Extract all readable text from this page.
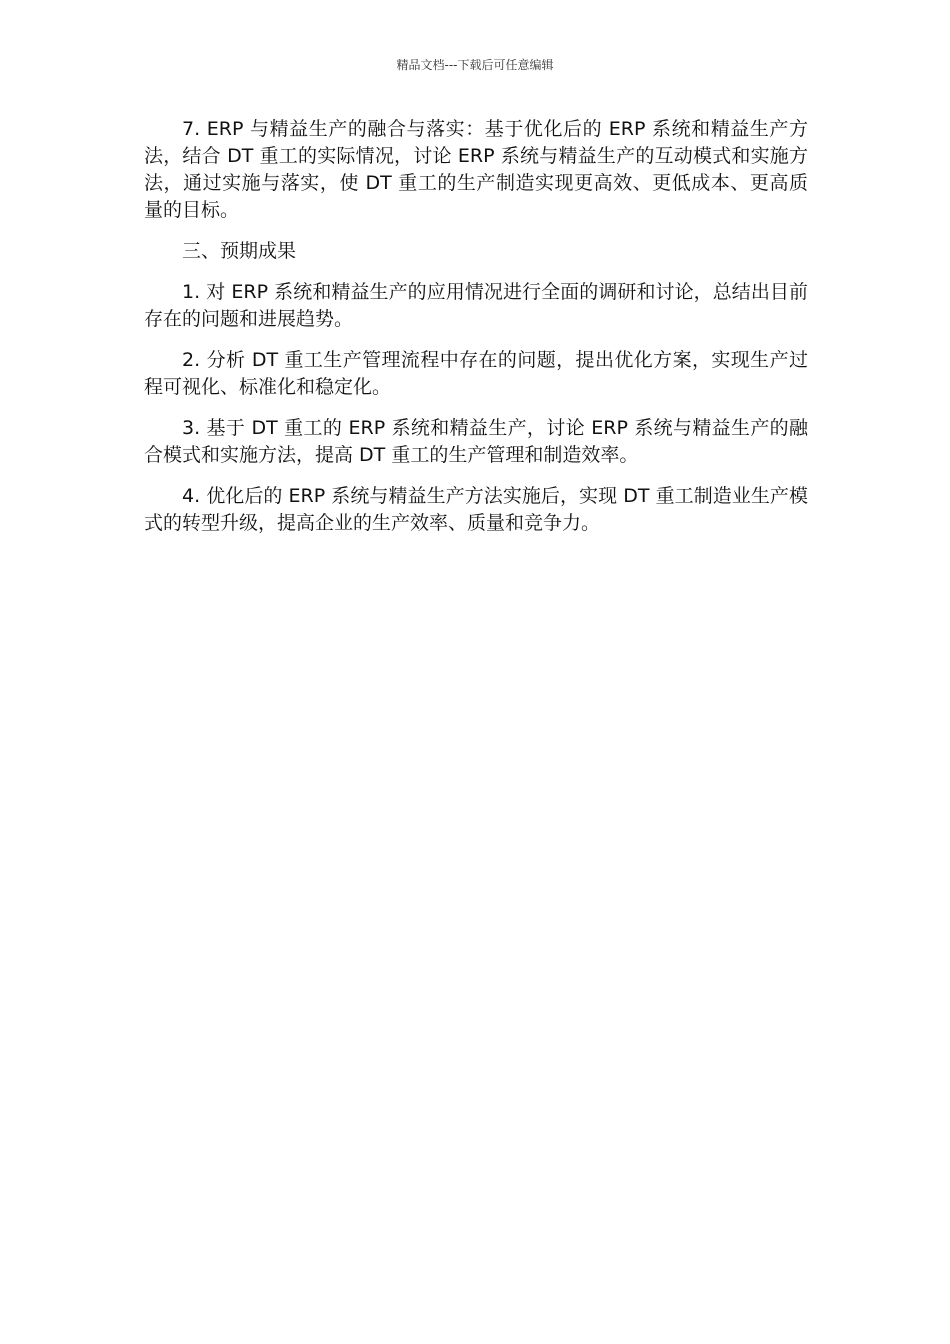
精品文档---下载后可任意编辑

7. ERP 与精益生产的融合与落实：基于优化后的 ERP 系统和精益生产方法，结合 DT 重工的实际情况，讨论 ERP 系统与精益生产的互动模式和实施方法，通过实施与落实，使 DT 重工的生产制造实现更高效、更低成本、更高质量的目标。

三、预期成果

1. 对 ERP 系统和精益生产的应用情况进行全面的调研和讨论，总结出目前存在的问题和进展趋势。

2. 分析 DT 重工生产管理流程中存在的问题，提出优化方案，实现生产过程可视化、标准化和稳定化。

3. 基于 DT 重工的 ERP 系统和精益生产，讨论 ERP 系统与精益生产的融合模式和实施方法，提高 DT 重工的生产管理和制造效率。

4. 优化后的 ERP 系统与精益生产方法实施后，实现 DT 重工制造业生产模式的转型升级，提高企业的生产效率、质量和竞争力。
